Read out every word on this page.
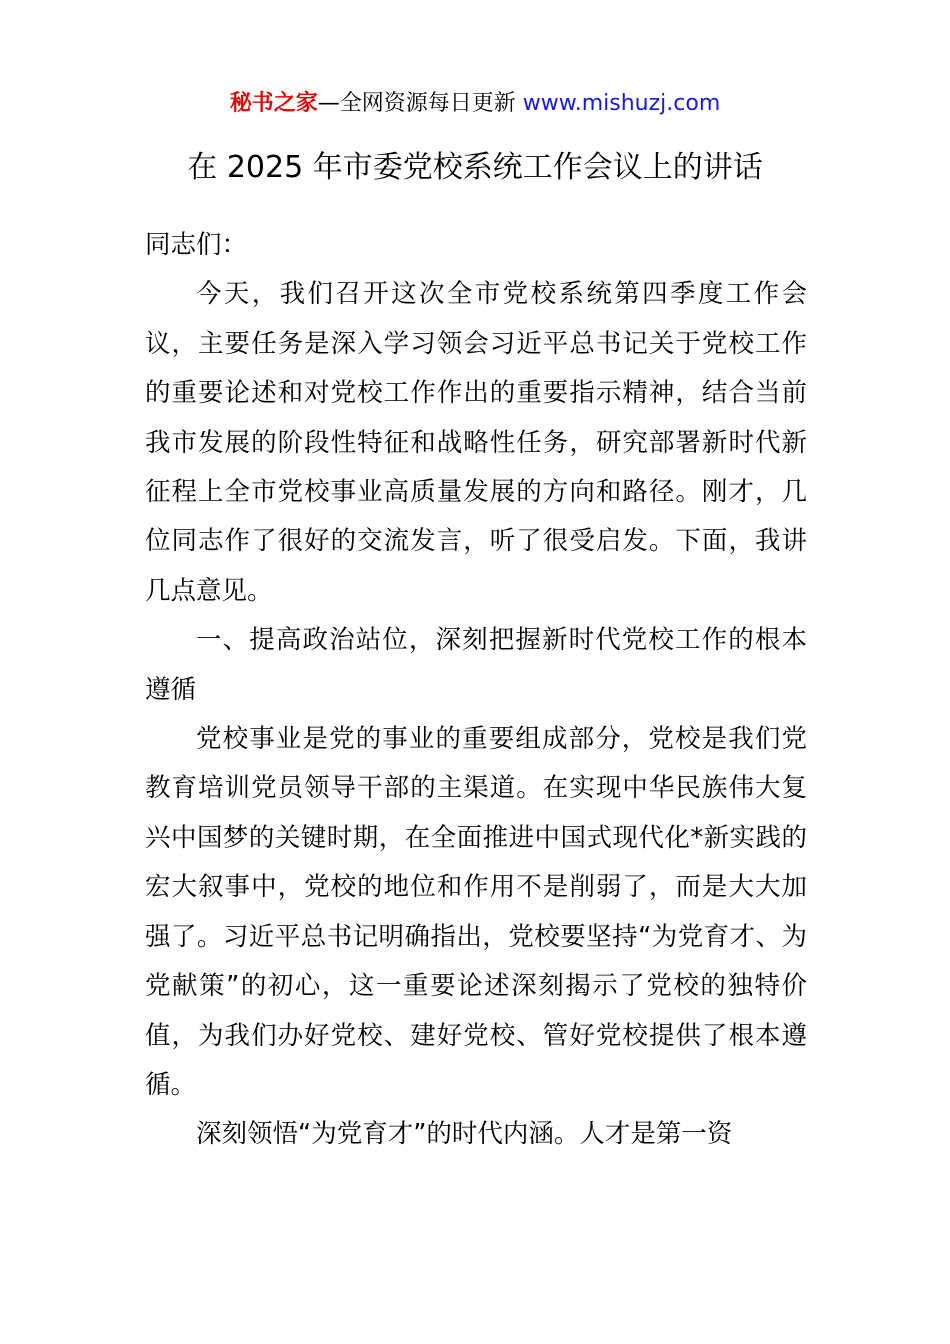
秘书之家—全网资源每日更新 www.mishuzj.com
在 2025 年市委党校系统工作会议上的讲话

同志们：

今天，我们召开这次全市党校系统第四季度工作会议，主要任务是深入学习领会习近平总书记关于党校工作的重要论述和对党校工作作出的重要指示精神，结合当前我市发展的阶段性特征和战略性任务，研究部署新时代新征程上全市党校事业高质量发展的方向和路径。刚才，几位同志作了很好的交流发言，听了很受启发。下面，我讲几点意见。

一、提高政治站位，深刻把握新时代党校工作的根本遵循

党校事业是党的事业的重要组成部分，党校是我们党教育培训党员领导干部的主渠道。在实现中华民族伟大复兴中国梦的关键时期，在全面推进中国式现代化*新实践的宏大叙事中，党校的地位和作用不是削弱了，而是大大加强了。习近平总书记明确指出，党校要坚持“为党育才、为党献策”的初心，这一重要论述深刻揭示了党校的独特价值，为我们办好党校、建好党校、管好党校提供了根本遵循。

深刻领悟“为党育才”的时代内涵。人才是第一资
